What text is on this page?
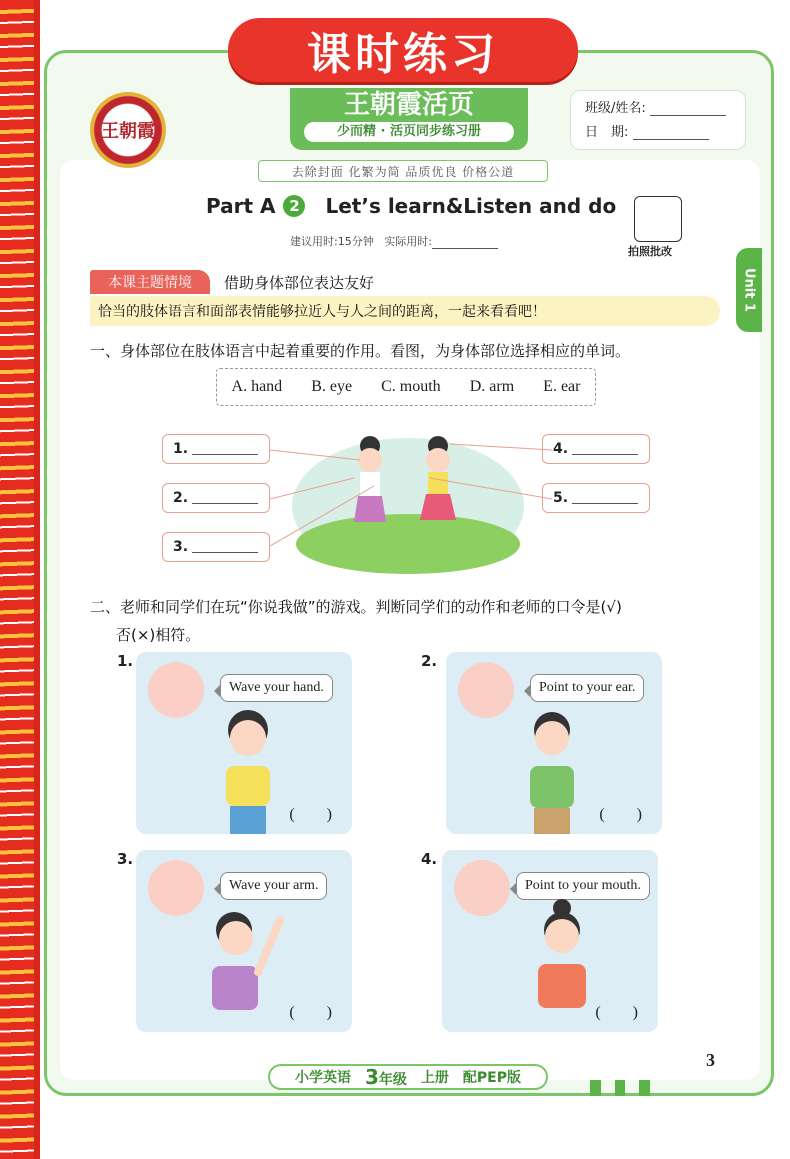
课时练习
王朝霞
王朝霞活页
少而精 · 活页同步练习册
去除封面 化繁为简 品质优良 价格公道
班级/姓名:
日　期:
Unit 1
Part A 2 Let’s learn&Listen and do
建议用时:15分钟 实际用时:
拍照批改
本课主题情境	借助身体部位表达友好
恰当的肢体语言和面部表情能够拉近人与人之间的距离，一起来看看吧！
一、身体部位在肢体语言中起着重要的作用。看图，为身体部位选择相应的单词。
A. hand B. eye C. mouth D. arm E. ear
1.
2.
3.
4.
5.
二、老师和同学们在玩“你说我做”的游戏。判断同学们的动作和老师的口令是(√)
否(×)相符。
1.
Wave your hand.
(　　)
2.
Point to your ear.
(　　)
3.
Wave your arm.
(　　)
4.
Point to your mouth.
(　　)
小学英语 3年级 上册 配PEP版
3
